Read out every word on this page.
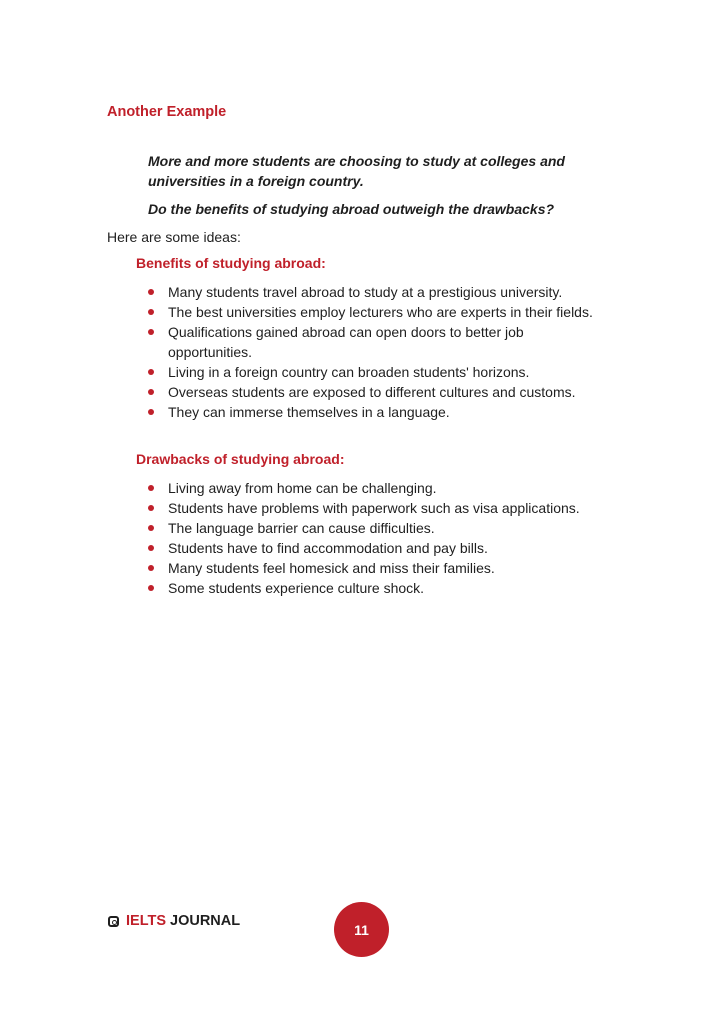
Another Example
More and more students are choosing to study at colleges and universities in a foreign country.
Do the benefits of studying abroad outweigh the drawbacks?
Here are some ideas:
Benefits of studying abroad:
Many students travel abroad to study at a prestigious university.
The best universities employ lecturers who are experts in their fields.
Qualifications gained abroad can open doors to better job opportunities.
Living in a foreign country can broaden students' horizons.
Overseas students are exposed to different cultures and customs.
They can immerse themselves in a language.
Drawbacks of studying abroad:
Living away from home can be challenging.
Students have problems with paperwork such as visa applications.
The language barrier can cause difficulties.
Students have to find accommodation and pay bills.
Many students feel homesick and miss their families.
Some students experience culture shock.
IELTS JOURNAL
11
